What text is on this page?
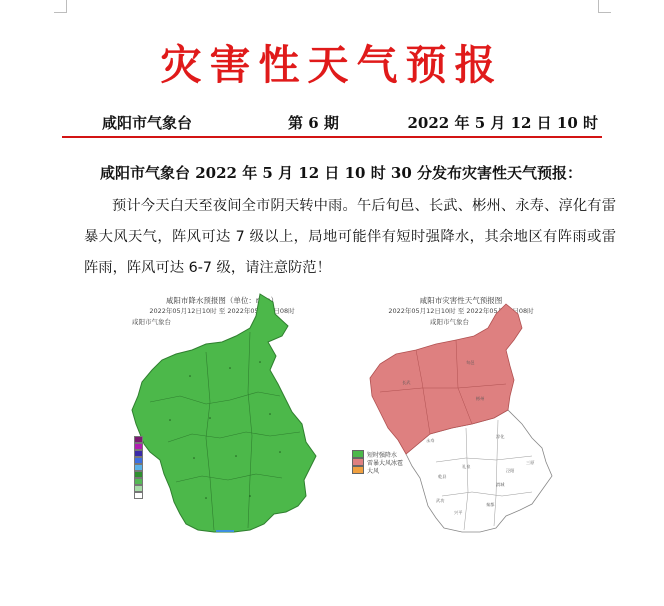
灾害性天气预报
咸阳市气象台	第 6 期	2022 年 5 月 12 日 10 时
咸阳市气象台 2022 年 5 月 12 日 10 时 30 分发布灾害性天气预报：
预计今天白天至夜间全市阴天转中雨。午后旬邑、长武、彬州、永寿、淳化有雷暴大风天气，阵风可达 7 级以上，局地可能伴有短时强降水，其余地区有阵雨或雷阵雨，阵风可达 6-7 级，请注意防范！
咸阳市降水预报图（单位：mm）
2022年05月12日10时 至 2022年05月13日08时
咸阳市气象台
咸阳市灾害性天气预报图
2022年05月12日10时 至 2022年05月13日08时
咸阳市气象台
彬州
旬邑
长武
永寿
淳化
礼泉
乾县
泾阳
三原
兴平
武功
秦都
渭城
短时强降水
雷暴大风冰雹
大风
